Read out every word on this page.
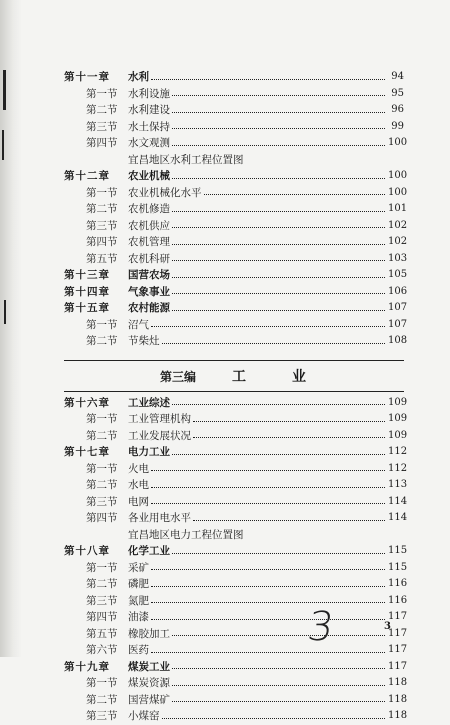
第十一章 水利	94
第一节 水利设施	95
第二节 水利建设	96
第三节 水土保持	99
第四节 水文观测	100
宜昌地区水利工程位置图
第十二章 农业机械	100
第一节 农业机械化水平	100
第二节 农机修造	101
第三节 农机供应	102
第四节 农机管理	102
第五节 农机科研	103
第十三章 国营农场	105
第十四章 气象事业	106
第十五章 农村能源	107
第一节 沼气	107
第二节 节柴灶	108
第三编	工	业
第十六章 工业综述	109
第一节 工业管理机构	109
第二节 工业发展状况	109
第十七章 电力工业	112
第一节 火电	112
第二节 水电	113
第三节 电网	114
第四节 各业用电水平	114
宜昌地区电力工程位置图
第十八章 化学工业	115
第一节 采矿	115
第二节 磷肥	116
第三节 氮肥	116
第四节 油漆	117
第五节 橡胶加工	117
第六节 医药	117
第十九章 煤炭工业	117
第一节 煤炭资源	118
第二节 国营煤矿	118
第三节 小煤窑	118
3	3
